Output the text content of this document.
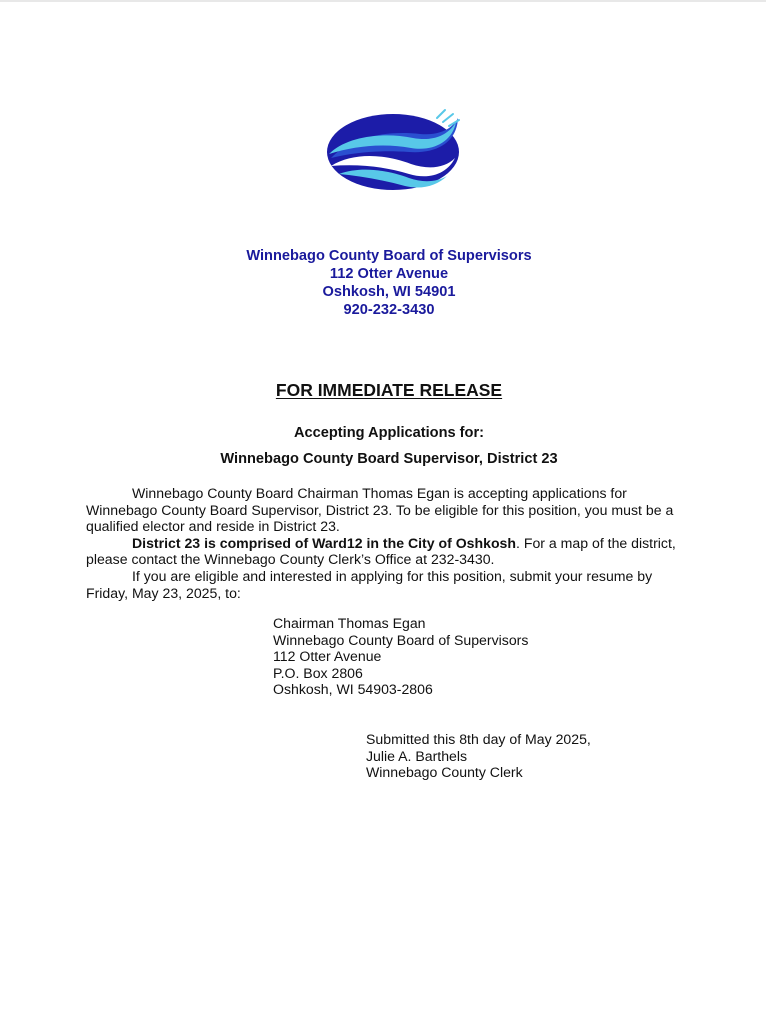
Winnebago County Board of Supervisors
112 Otter Avenue
Oshkosh, WI 54901
920-232-3430
FOR IMMEDIATE RELEASE
Accepting Applications for:
Winnebago County Board Supervisor, District 23
Winnebago County Board Chairman Thomas Egan is accepting applications for
Winnebago County Board Supervisor, District 23. To be eligible for this position, you must be a
qualified elector and reside in District 23.
District 23 is comprised of Ward12 in the City of Oshkosh. For a map of the district,
please contact the Winnebago County Clerk’s Office at 232-3430.
If you are eligible and interested in applying for this position, submit your resume by
Friday, May 23, 2025, to:
Chairman Thomas Egan
Winnebago County Board of Supervisors
112 Otter Avenue
P.O. Box 2806
Oshkosh, WI 54903-2806
Submitted this 8th day of May 2025,
Julie A. Barthels
Winnebago County Clerk
